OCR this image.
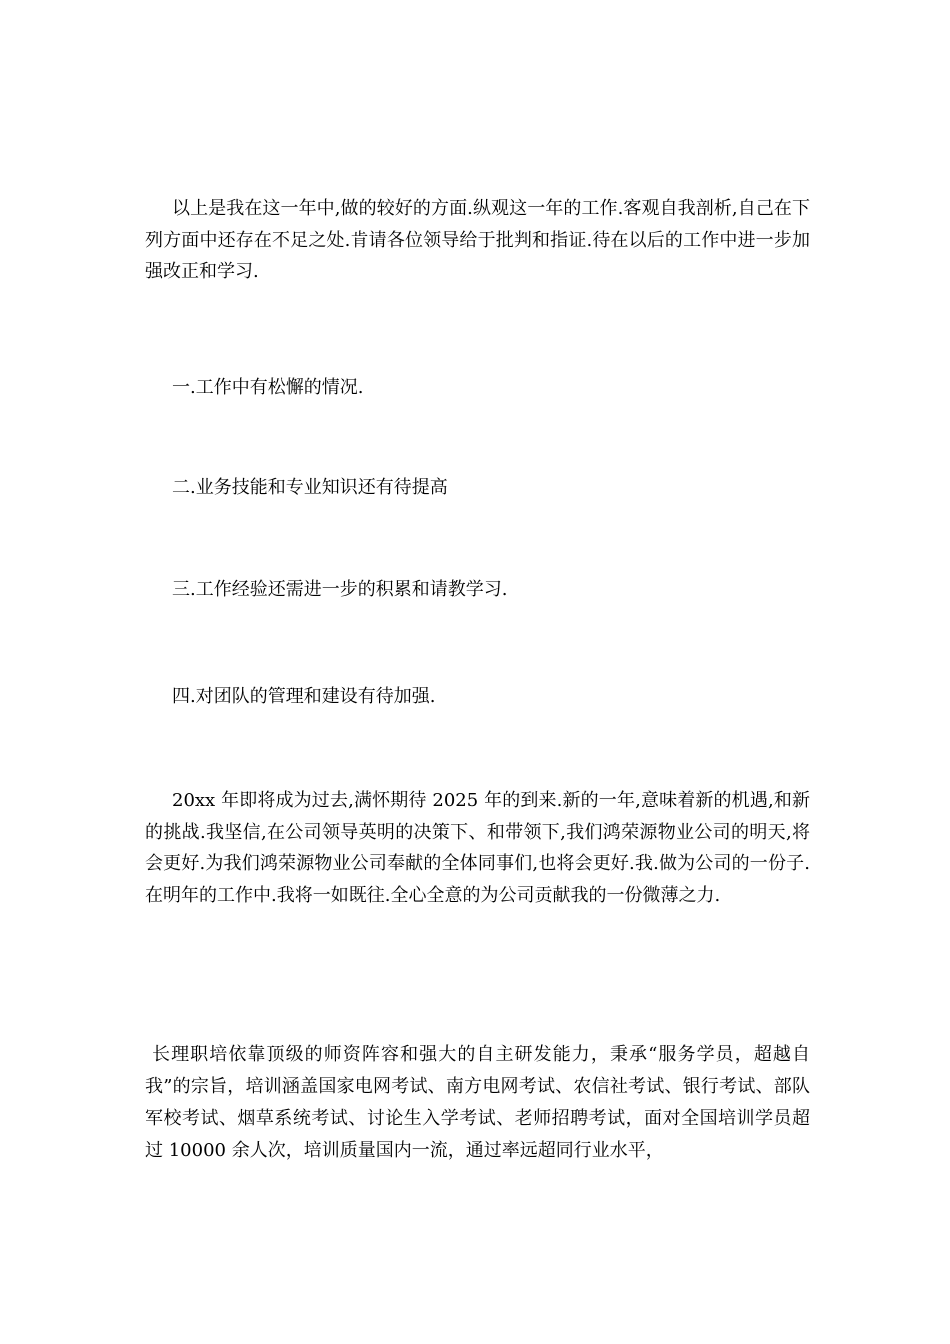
以上是我在这一年中,做的较好的方面.纵观这一年的工作.客观自我剖析,自己在下列方面中还存在不足之处.肯请各位领导给于批判和指证.待在以后的工作中进一步加强改正和学习.

一.工作中有松懈的情况.

二.业务技能和专业知识还有待提高

三.工作经验还需进一步的积累和请教学习.

四.对团队的管理和建设有待加强.

20xx 年即将成为过去,满怀期待 2025 年的到来.新的一年,意味着新的机遇,和新的挑战.我坚信,在公司领导英明的决策下、和带领下,我们鸿荣源物业公司的明天,将会更好.为我们鸿荣源物业公司奉献的全体同事们,也将会更好.我.做为公司的一份子.在明年的工作中.我将一如既往.全心全意的为公司贡献我的一份微薄之力.

长理职培依靠顶级的师资阵容和强大的自主研发能力，秉承“服务学员，超越自我”的宗旨，培训涵盖国家电网考试、南方电网考试、农信社考试、银行考试、部队军校考试、烟草系统考试、讨论生入学考试、老师招聘考试，面对全国培训学员超过 10000 余人次，培训质量国内一流，通过率远超同行业水平，
